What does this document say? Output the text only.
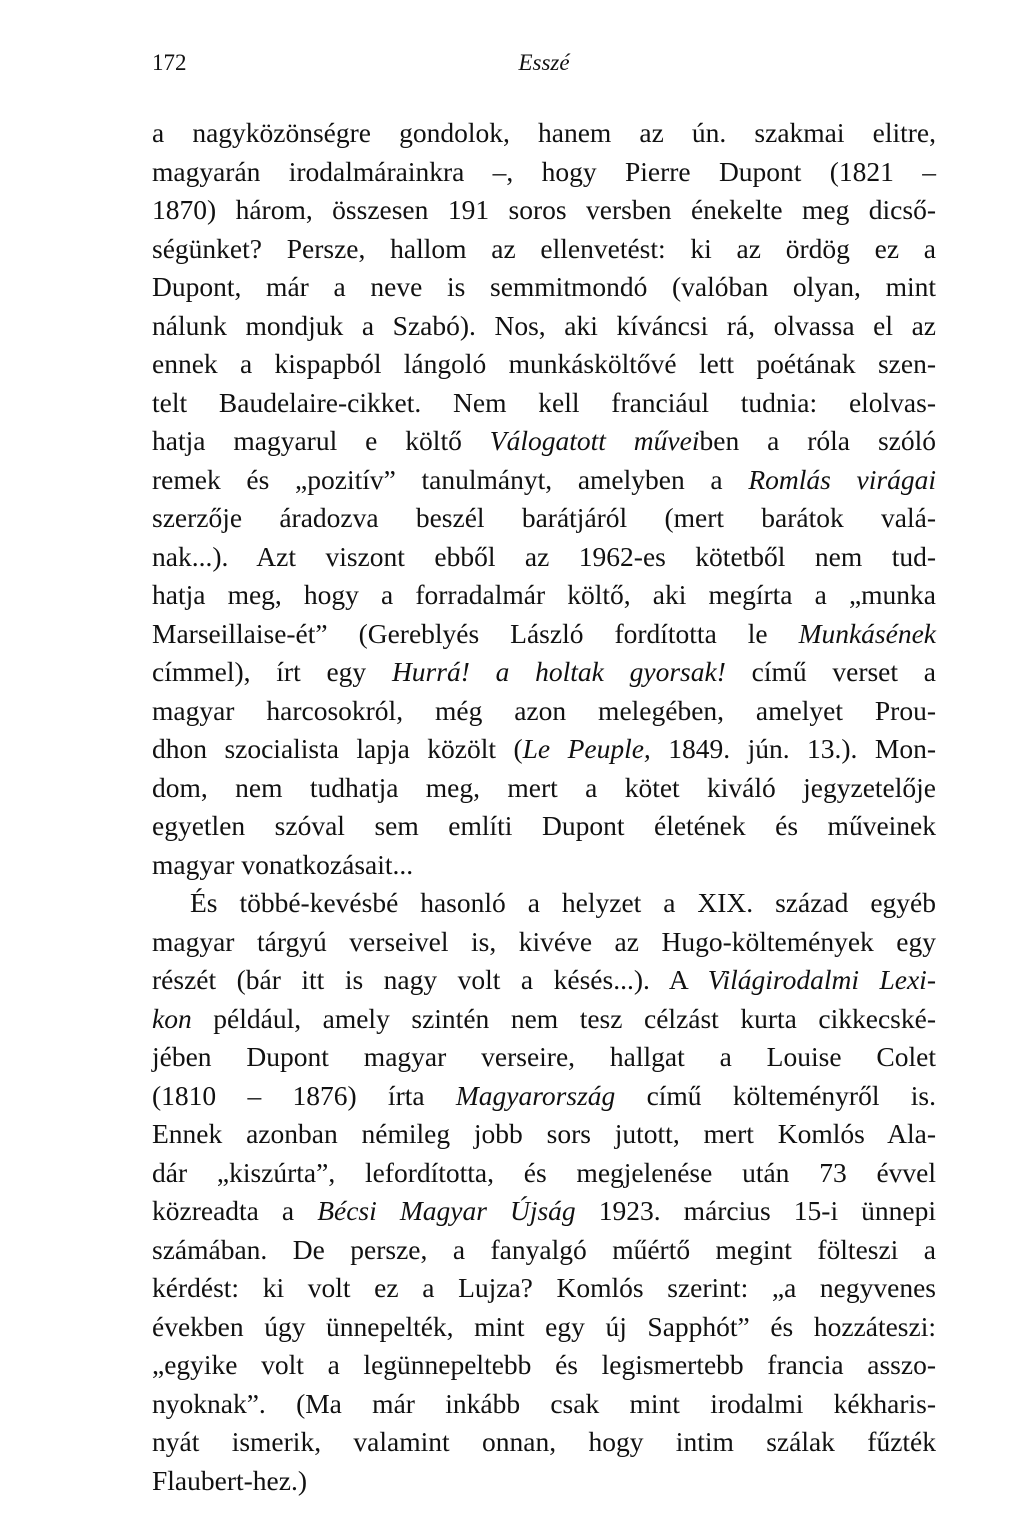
172	Esszé
a nagyközönségre gondolok, hanem az ún. szakmai elitre,
magyarán irodalmárainkra –, hogy Pierre Dupont (1821 –
1870) három, összesen 191 soros versben énekelte meg dicső-
ségünket? Persze, hallom az ellenvetést: ki az ördög ez a
Dupont, már a neve is semmitmondó (valóban olyan, mint
nálunk mondjuk a Szabó). Nos, aki kíváncsi rá, olvassa el az
ennek a kispapból lángoló munkásköltővé lett poétának szen-
telt Baudelaire-cikket. Nem kell franciául tudnia: elolvas-
hatja magyarul e költő Válogatott műveiben a róla szóló
remek és „pozitív” tanulmányt, amelyben a Romlás virágai
szerzője áradozva beszél barátjáról (mert barátok valá-
nak...). Azt viszont ebből az 1962-es kötetből nem tud-
hatja meg, hogy a forradalmár költő, aki megírta a „munka
Marseillaise-ét” (Gereblyés László fordította le Munkásének
címmel), írt egy Hurrá! a holtak gyorsak! című verset a
magyar harcosokról, még azon melegében, amelyet Prou-
dhon szocialista lapja közölt (Le Peuple, 1849. jún. 13.). Mon-
dom, nem tudhatja meg, mert a kötet kiváló jegyzetelője
egyetlen szóval sem említi Dupont életének és műveinek
magyar vonatkozásait...
És többé-kevésbé hasonló a helyzet a XIX. század egyéb
magyar tárgyú verseivel is, kivéve az Hugo-költemények egy
részét (bár itt is nagy volt a késés...). A Világirodalmi Lexi-
kon például, amely szintén nem tesz célzást kurta cikkecské-
jében Dupont magyar verseire, hallgat a Louise Colet
(1810 – 1876) írta Magyarország című költeményről is.
Ennek azonban némileg jobb sors jutott, mert Komlós Ala-
dár „kiszúrta”, lefordította, és megjelenése után 73 évvel
közreadta a Bécsi Magyar Újság 1923. március 15-i ünnepi
számában. De persze, a fanyalgó műértő megint fölteszi a
kérdést: ki volt ez a Lujza? Komlós szerint: „a negyvenes
években úgy ünnepelték, mint egy új Sapphót” és hozzáteszi:
„egyike volt a legünnepeltebb és legismertebb francia asszo-
nyoknak”. (Ma már inkább csak mint irodalmi kékharis-
nyát ismerik, valamint onnan, hogy intim szálak fűzték
Flaubert-hez.)
